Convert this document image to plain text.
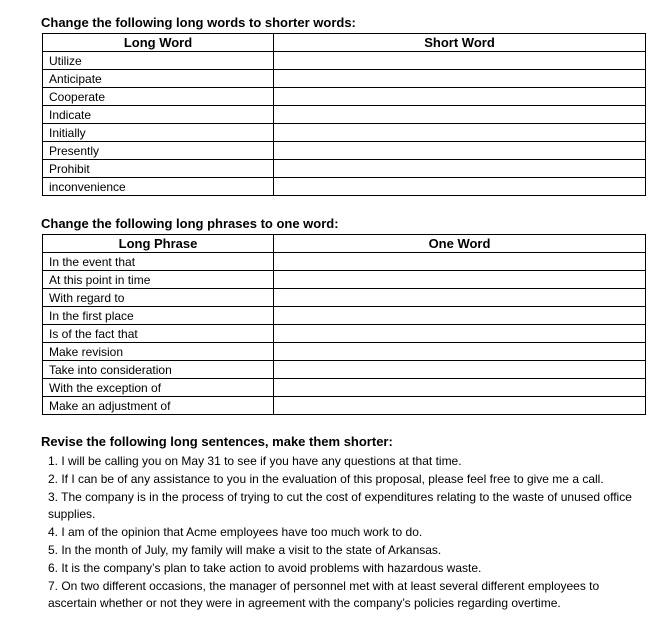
Change the following long words to shorter words:
Long Word	Short Word
Utilize	
Anticipate	
Cooperate	
Indicate	
Initially	
Presently	
Prohibit	
inconvenience	
Change the following long phrases to one word:
Long Phrase	One Word
In the event that	
At this point in time	
With regard to	
In the first place	
Is of the fact that	
Make revision	
Take into consideration	
With the exception of	
Make an adjustment of	
Revise the following long sentences, make them shorter:
1. I will be calling you on May 31 to see if you have any questions at that time.
2. If I can be of any assistance to you in the evaluation of this proposal, please feel free to give me a call.
3. The company is in the process of trying to cut the cost of expenditures relating to the waste of unused office supplies.
4. I am of the opinion that Acme employees have too much work to do.
5. In the month of July, my family will make a visit to the state of Arkansas.
6. It is the company’s plan to take action to avoid problems with hazardous waste.
7. On two different occasions, the manager of personnel met with at least several different employees to ascertain whether or not they were in agreement with the company’s policies regarding overtime.
